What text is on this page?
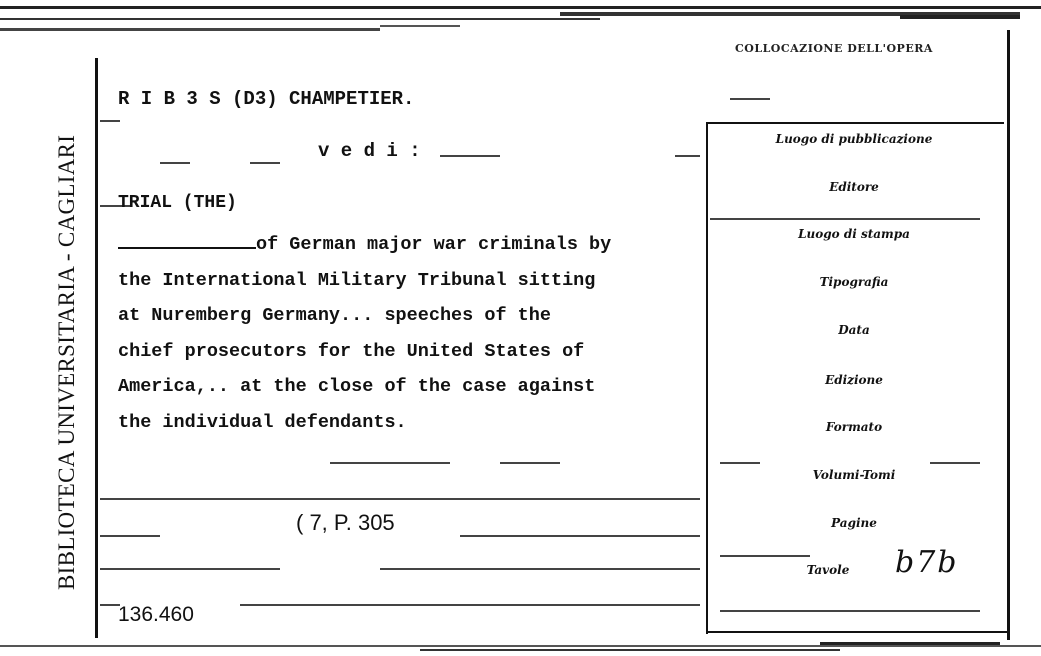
COLLOCAZIONE DELL'OPERA
BIBLIOTECA UNIVERSITARIA - CAGLIARI
R I B 3 S (D3) CHAMPETIER.
v e d i :
TRIAL (THE)
of German major war criminals by
the International Military Tribunal sitting
at Nuremberg Germany... speeches of the
chief prosecutors for the United States of
America,.. at the close of the case against
the individual defendants.
( 7, P. 305
136.460
Luogo di pubblicazione
Editore
Luogo di stampa
Tipografia
Data
Edizione
Formato
Volumi-Tomi
Pagine
Tavole	b7b
